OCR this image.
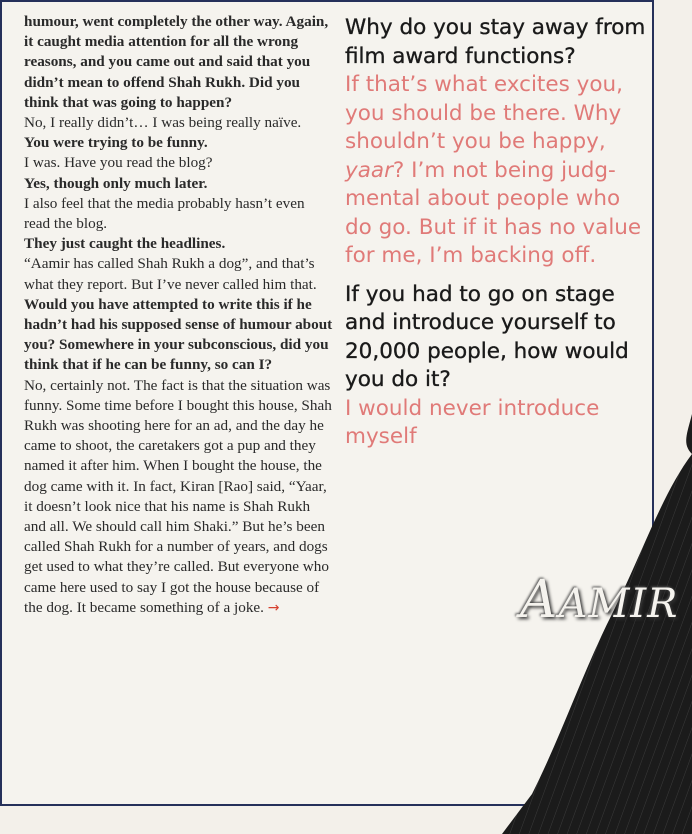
humour, went completely the other way. Again, it caught media attention for all the wrong reasons, and you came out and said that you didn’t mean to offend Shah Rukh. Did you think that was going to happen?

No, I really didn’t… I was being really naïve.

You were trying to be funny.

I was. Have you read the blog?

Yes, though only much later.

I also feel that the media probably hasn’t even read the blog.

They just caught the headlines.

“Aamir has called Shah Rukh a dog”, and that’s what they report. But I’ve never called him that.

Would you have attempted to write this if he hadn’t had his supposed sense of humour about you? Somewhere in your subconscious, did you think that if he can be funny, so can I?

No, certainly not. The fact is that the situation was funny. Some time before I bought this house, Shah Rukh was shooting here for an ad, and the day he came to shoot, the caretakers got a pup and they named it after him. When I bought the house, the dog came with it. In fact, Kiran [Rao] said, “Yaar, it doesn’t look nice that his name is Shah Rukh and all. We should call him Shaki.” But he’s been called Shah Rukh for a number of years, and dogs get used to what they’re called. But everyone who came here used to say I got the house because of the dog. It became something of a joke. →

Why do you stay away from film award functions?

If that’s what excites you, you should be there. Why shouldn’t you be happy, yaar? I’m not being judg-mental about people who do go. But if it has no value for me, I’m backing off.

If you had to go on stage and introduce yourself to 20,000 people, how would you do it?

I would never introduce myself

AAMIR
